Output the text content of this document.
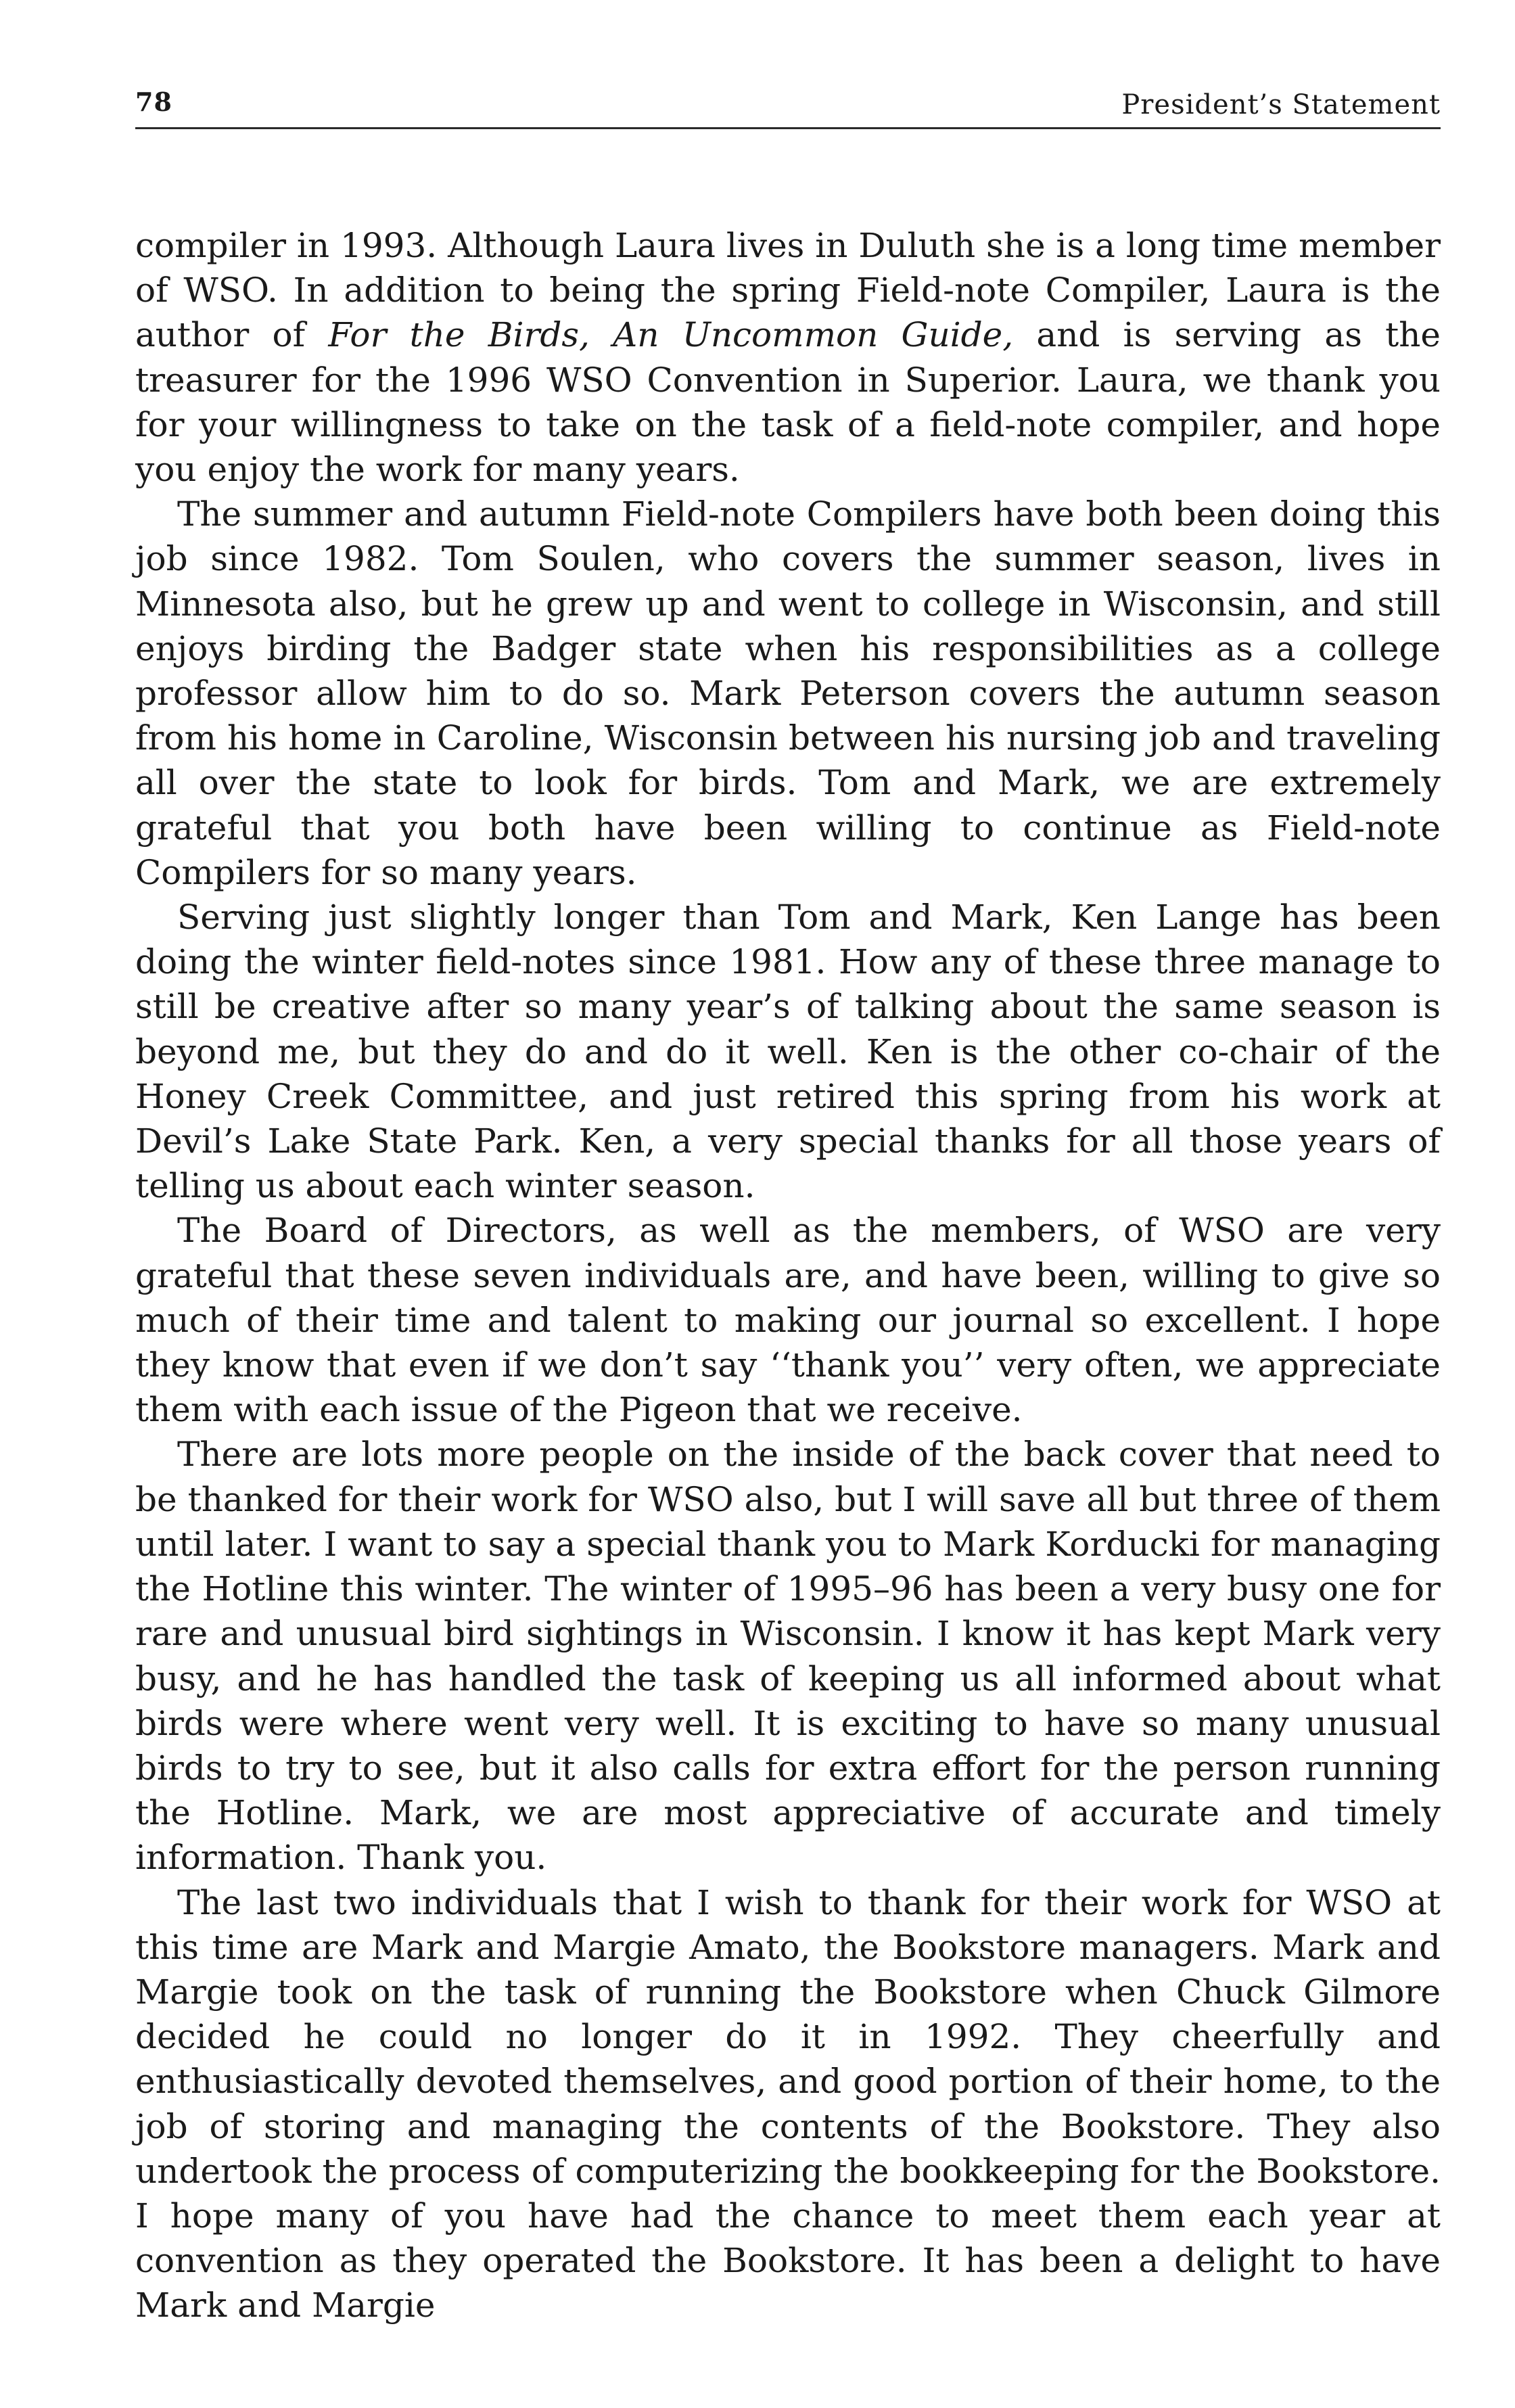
78	President’s Statement

compiler in 1993. Although Laura lives in Duluth she is a long time member of WSO. In addition to being the spring Field-note Compiler, Laura is the author of For the Birds, An Uncommon Guide, and is serving as the treasurer for the 1996 WSO Convention in Superior. Laura, we thank you for your willingness to take on the task of a field-note compiler, and hope you enjoy the work for many years.

The summer and autumn Field-note Compilers have both been doing this job since 1982. Tom Soulen, who covers the summer season, lives in Minnesota also, but he grew up and went to college in Wisconsin, and still enjoys birding the Badger state when his responsibilities as a college professor allow him to do so. Mark Peterson covers the autumn season from his home in Caroline, Wisconsin between his nursing job and traveling all over the state to look for birds. Tom and Mark, we are extremely grateful that you both have been willing to continue as Field-note Compilers for so many years.

Serving just slightly longer than Tom and Mark, Ken Lange has been doing the winter field-notes since 1981. How any of these three manage to still be creative after so many year’s of talking about the same season is beyond me, but they do and do it well. Ken is the other co-chair of the Honey Creek Committee, and just retired this spring from his work at Devil’s Lake State Park. Ken, a very special thanks for all those years of telling us about each winter season.

The Board of Directors, as well as the members, of WSO are very grateful that these seven individuals are, and have been, willing to give so much of their time and talent to making our journal so excellent. I hope they know that even if we don’t say ‘‘thank you’’ very often, we appreciate them with each issue of the Pigeon that we receive.

There are lots more people on the inside of the back cover that need to be thanked for their work for WSO also, but I will save all but three of them until later. I want to say a special thank you to Mark Korducki for managing the Hotline this winter. The winter of 1995–96 has been a very busy one for rare and unusual bird sightings in Wisconsin. I know it has kept Mark very busy, and he has handled the task of keeping us all informed about what birds were where went very well. It is exciting to have so many unusual birds to try to see, but it also calls for extra effort for the person running the Hotline. Mark, we are most appreciative of accurate and timely information. Thank you.

The last two individuals that I wish to thank for their work for WSO at this time are Mark and Margie Amato, the Bookstore managers. Mark and Margie took on the task of running the Bookstore when Chuck Gilmore decided he could no longer do it in 1992. They cheerfully and enthusiastically devoted themselves, and good portion of their home, to the job of storing and managing the contents of the Bookstore. They also undertook the process of computerizing the bookkeeping for the Bookstore. I hope many of you have had the chance to meet them each year at convention as they operated the Bookstore. It has been a delight to have Mark and Margie
